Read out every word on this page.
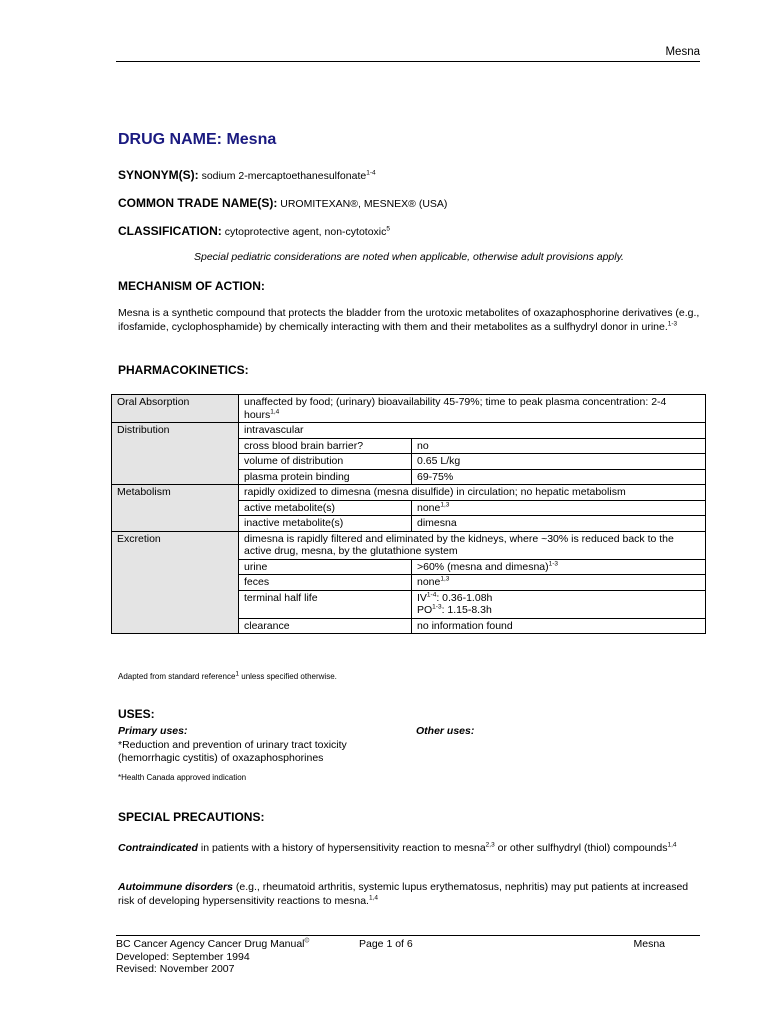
Mesna
DRUG NAME: Mesna
SYNONYM(S): sodium 2-mercaptoethanesulfonate$^{1-4}$
COMMON TRADE NAME(S): UROMITEXAN®, MESNEX® (USA)
CLASSIFICATION: cytoprotective agent, non-cytotoxic$^5$
Special pediatric considerations are noted when applicable, otherwise adult provisions apply.
MECHANISM OF ACTION:
Mesna is a synthetic compound that protects the bladder from the urotoxic metabolites of oxazaphosphorine derivatives (e.g., ifosfamide, cyclophosphamide) by chemically interacting with them and their metabolites as a sulfhydryl donor in urine.$^{1-3}$
PHARMACOKINETICS:
Oral Absorption	unaffected by food; (urinary) bioavailability 45-79%; time to peak plasma concentration: 2-4 hours$^{1,4}$
Distribution	intravascular	
	cross blood brain barrier?	no
	volume of distribution	0.65 L/kg
	plasma protein binding	69-75%
Metabolism	rapidly oxidized to dimesna (mesna disulfide) in circulation; no hepatic metabolism	
	active metabolite(s)	none$^{1,3}$
	inactive metabolite(s)	dimesna
Excretion	dimesna is rapidly filtered and eliminated by the kidneys, where ~30% is reduced back to the active drug, mesna, by the glutathione system	
	urine	>60% (mesna and dimesna)$^{1-3}$
	feces	none$^{1,3}$
	terminal half life	IV$^{1-4}$: 0.36-1.08h
PO$^{1-3}$: 1.15-8.3h

	clearance	no information found
Adapted from standard reference$^1$ unless specified otherwise.
USES:
Primary uses:	Other uses:
*Reduction and prevention of urinary tract toxicity (hemorrhagic cystitis) of oxazaphosphorines
*Health Canada approved indication
SPECIAL PRECAUTIONS:
Contraindicated in patients with a history of hypersensitivity reaction to mesna$^{2,3}$ or other sulfhydryl (thiol) compounds$^{1,4}$
Autoimmune disorders (e.g., rheumatoid arthritis, systemic lupus erythematosus, nephritis) may put patients at increased risk of developing hypersensitivity reactions to mesna.$^{1,4}$
BC Cancer Agency Cancer Drug Manual©
Developed: September 1994
Revised: November 2007
Page 1 of 6	Mesna
